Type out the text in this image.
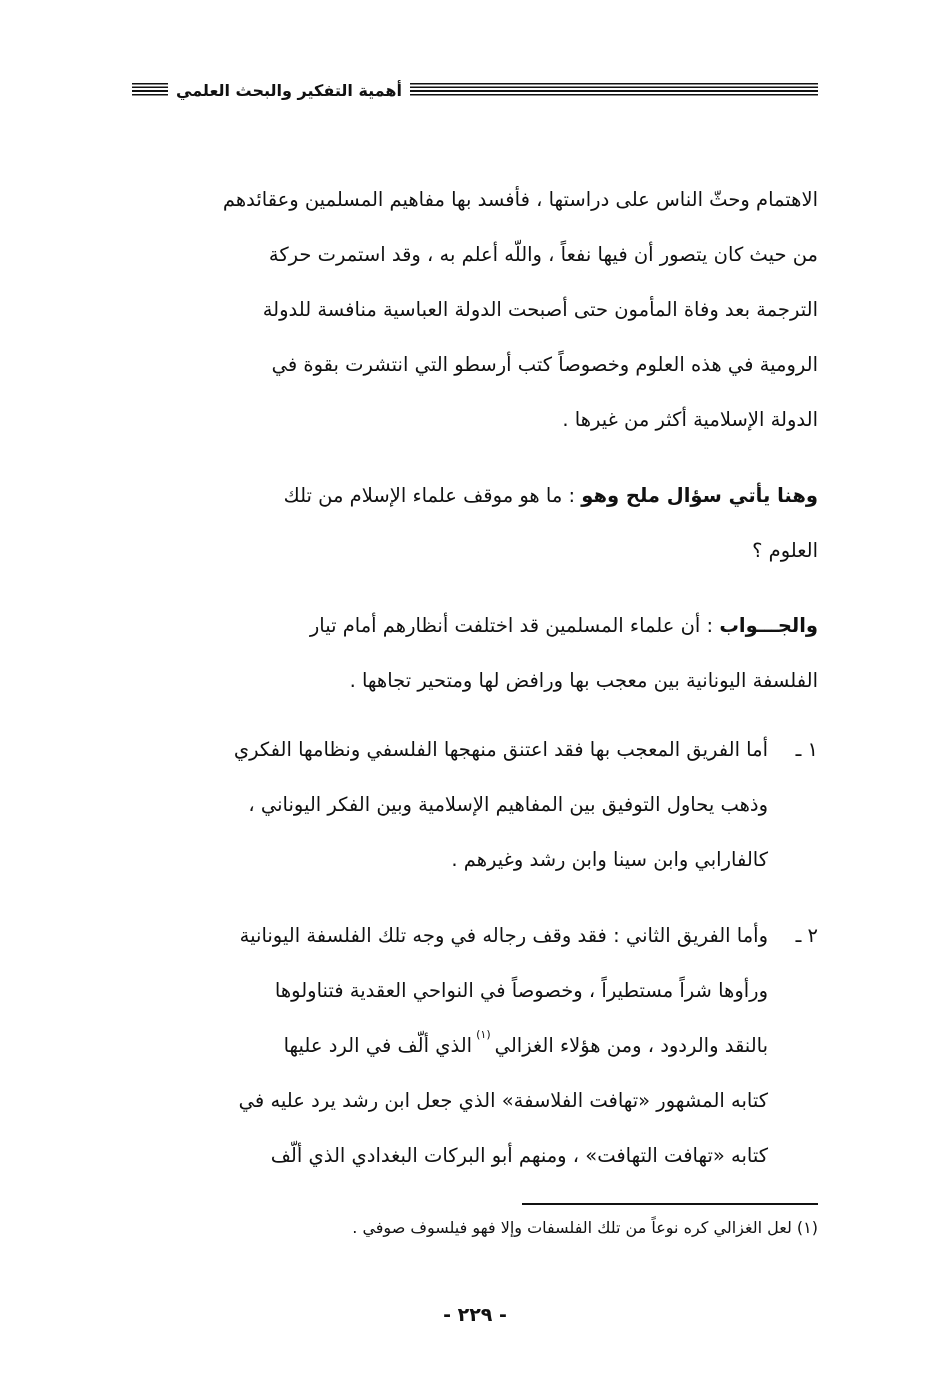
أهمية التفكير والبحث العلمي
الاهتمام وحثّ الناس على دراستها ، فأفسد بها مفاهيم المسلمين وعقائدهم
من حيث كان يتصور أن فيها نفعاً ، واللّه أعلم به ، وقد استمرت حركة
الترجمة بعد وفاة المأمون حتى أصبحت الدولة العباسية منافسة للدولة
الرومية في هذه العلوم وخصوصاً كتب أرسطو التي انتشرت بقوة في
الدولة الإسلامية أكثر من غيرها .
وهنا يأتي سؤال ملح وهو : ما هو موقف علماء الإسلام من تلك
العلوم ؟
والجـــواب : أن علماء المسلمين قد اختلفت أنظارهم أمام تيار
الفلسفة اليونانية بين معجب بها ورافض لها ومتحير تجاهها .
١ ـ
أما الفريق المعجب بها فقد اعتنق منهجها الفلسفي ونظامها الفكري
وذهب يحاول التوفيق بين المفاهيم الإسلامية وبين الفكر اليوناني ،
كالفارابي وابن سينا وابن رشد وغيرهم .
٢ ـ
وأما الفريق الثاني : فقد وقف رجاله في وجه تلك الفلسفة اليونانية
ورأوها شراً مستطيراً ، وخصوصاً في النواحي العقدية فتناولوها
بالنقد والردود ، ومن هؤلاء الغزالي$^{(١)}$الذي ألّف في الرد عليها
كتابه المشهور «تهافت الفلاسفة» الذي جعل ابن رشد يرد عليه في
كتابه «تهافت التهافت» ، ومنهم أبو البركات البغدادي الذي ألّف
(١) لعل الغزالي كره نوعاً من تلك الفلسفات وإلا فهو فيلسوف صوفي .
- ٢٢٩ -
